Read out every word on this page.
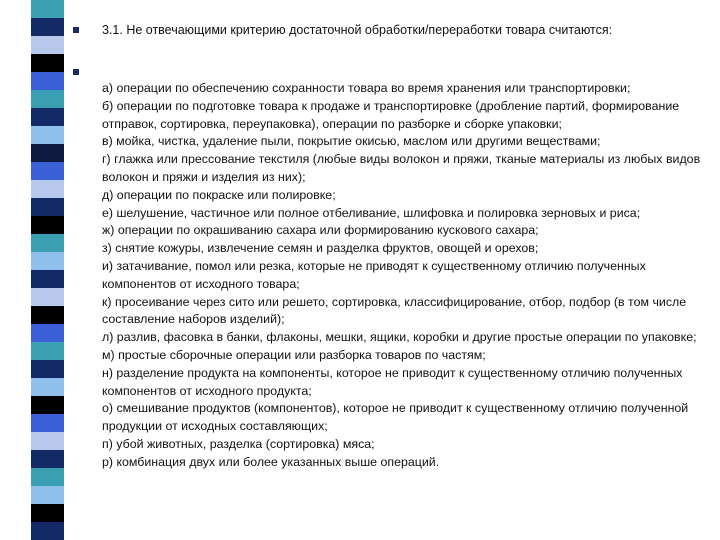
3.1. Не отвечающими критерию достаточной обработки/переработки товара считаются:
а) операции по обеспечению сохранности товара во время хранения или транспортировки;
б) операции по подготовке товара к продаже и транспортировке (дробление партий, формирование отправок, сортировка, переупаковка), операции по разборке и сборке упаковки;
в) мойка, чистка, удаление пыли, покрытие окисью, маслом или другими веществами;
г) глажка или прессование текстиля (любые виды волокон и пряжи, тканые материалы из любых видов волокон и пряжи и изделия из них);
д) операции по покраске или полировке;
е) шелушение, частичное или полное отбеливание, шлифовка и полировка зерновых и риса;
ж) операции по окрашиванию сахара или формированию кускового сахара;
з) снятие кожуры, извлечение семян и разделка фруктов, овощей и орехов;
и) затачивание, помол или резка, которые не приводят к существенному отличию полученных компонентов от исходного товара;
к) просеивание через сито или решето, сортировка, классифицирование, отбор, подбор (в том числе составление наборов изделий);
л) разлив, фасовка в банки, флаконы, мешки, ящики, коробки и другие простые операции по упаковке;
м) простые сборочные операции или разборка товаров по частям;
н) разделение продукта на компоненты, которое не приводит к существенному отличию полученных компонентов от исходного продукта;
о) смешивание продуктов (компонентов), которое не приводит к существенному отличию полученной продукции от исходных составляющих;
п) убой животных, разделка (сортировка) мяса;
р) комбинация двух или более указанных выше операций.
